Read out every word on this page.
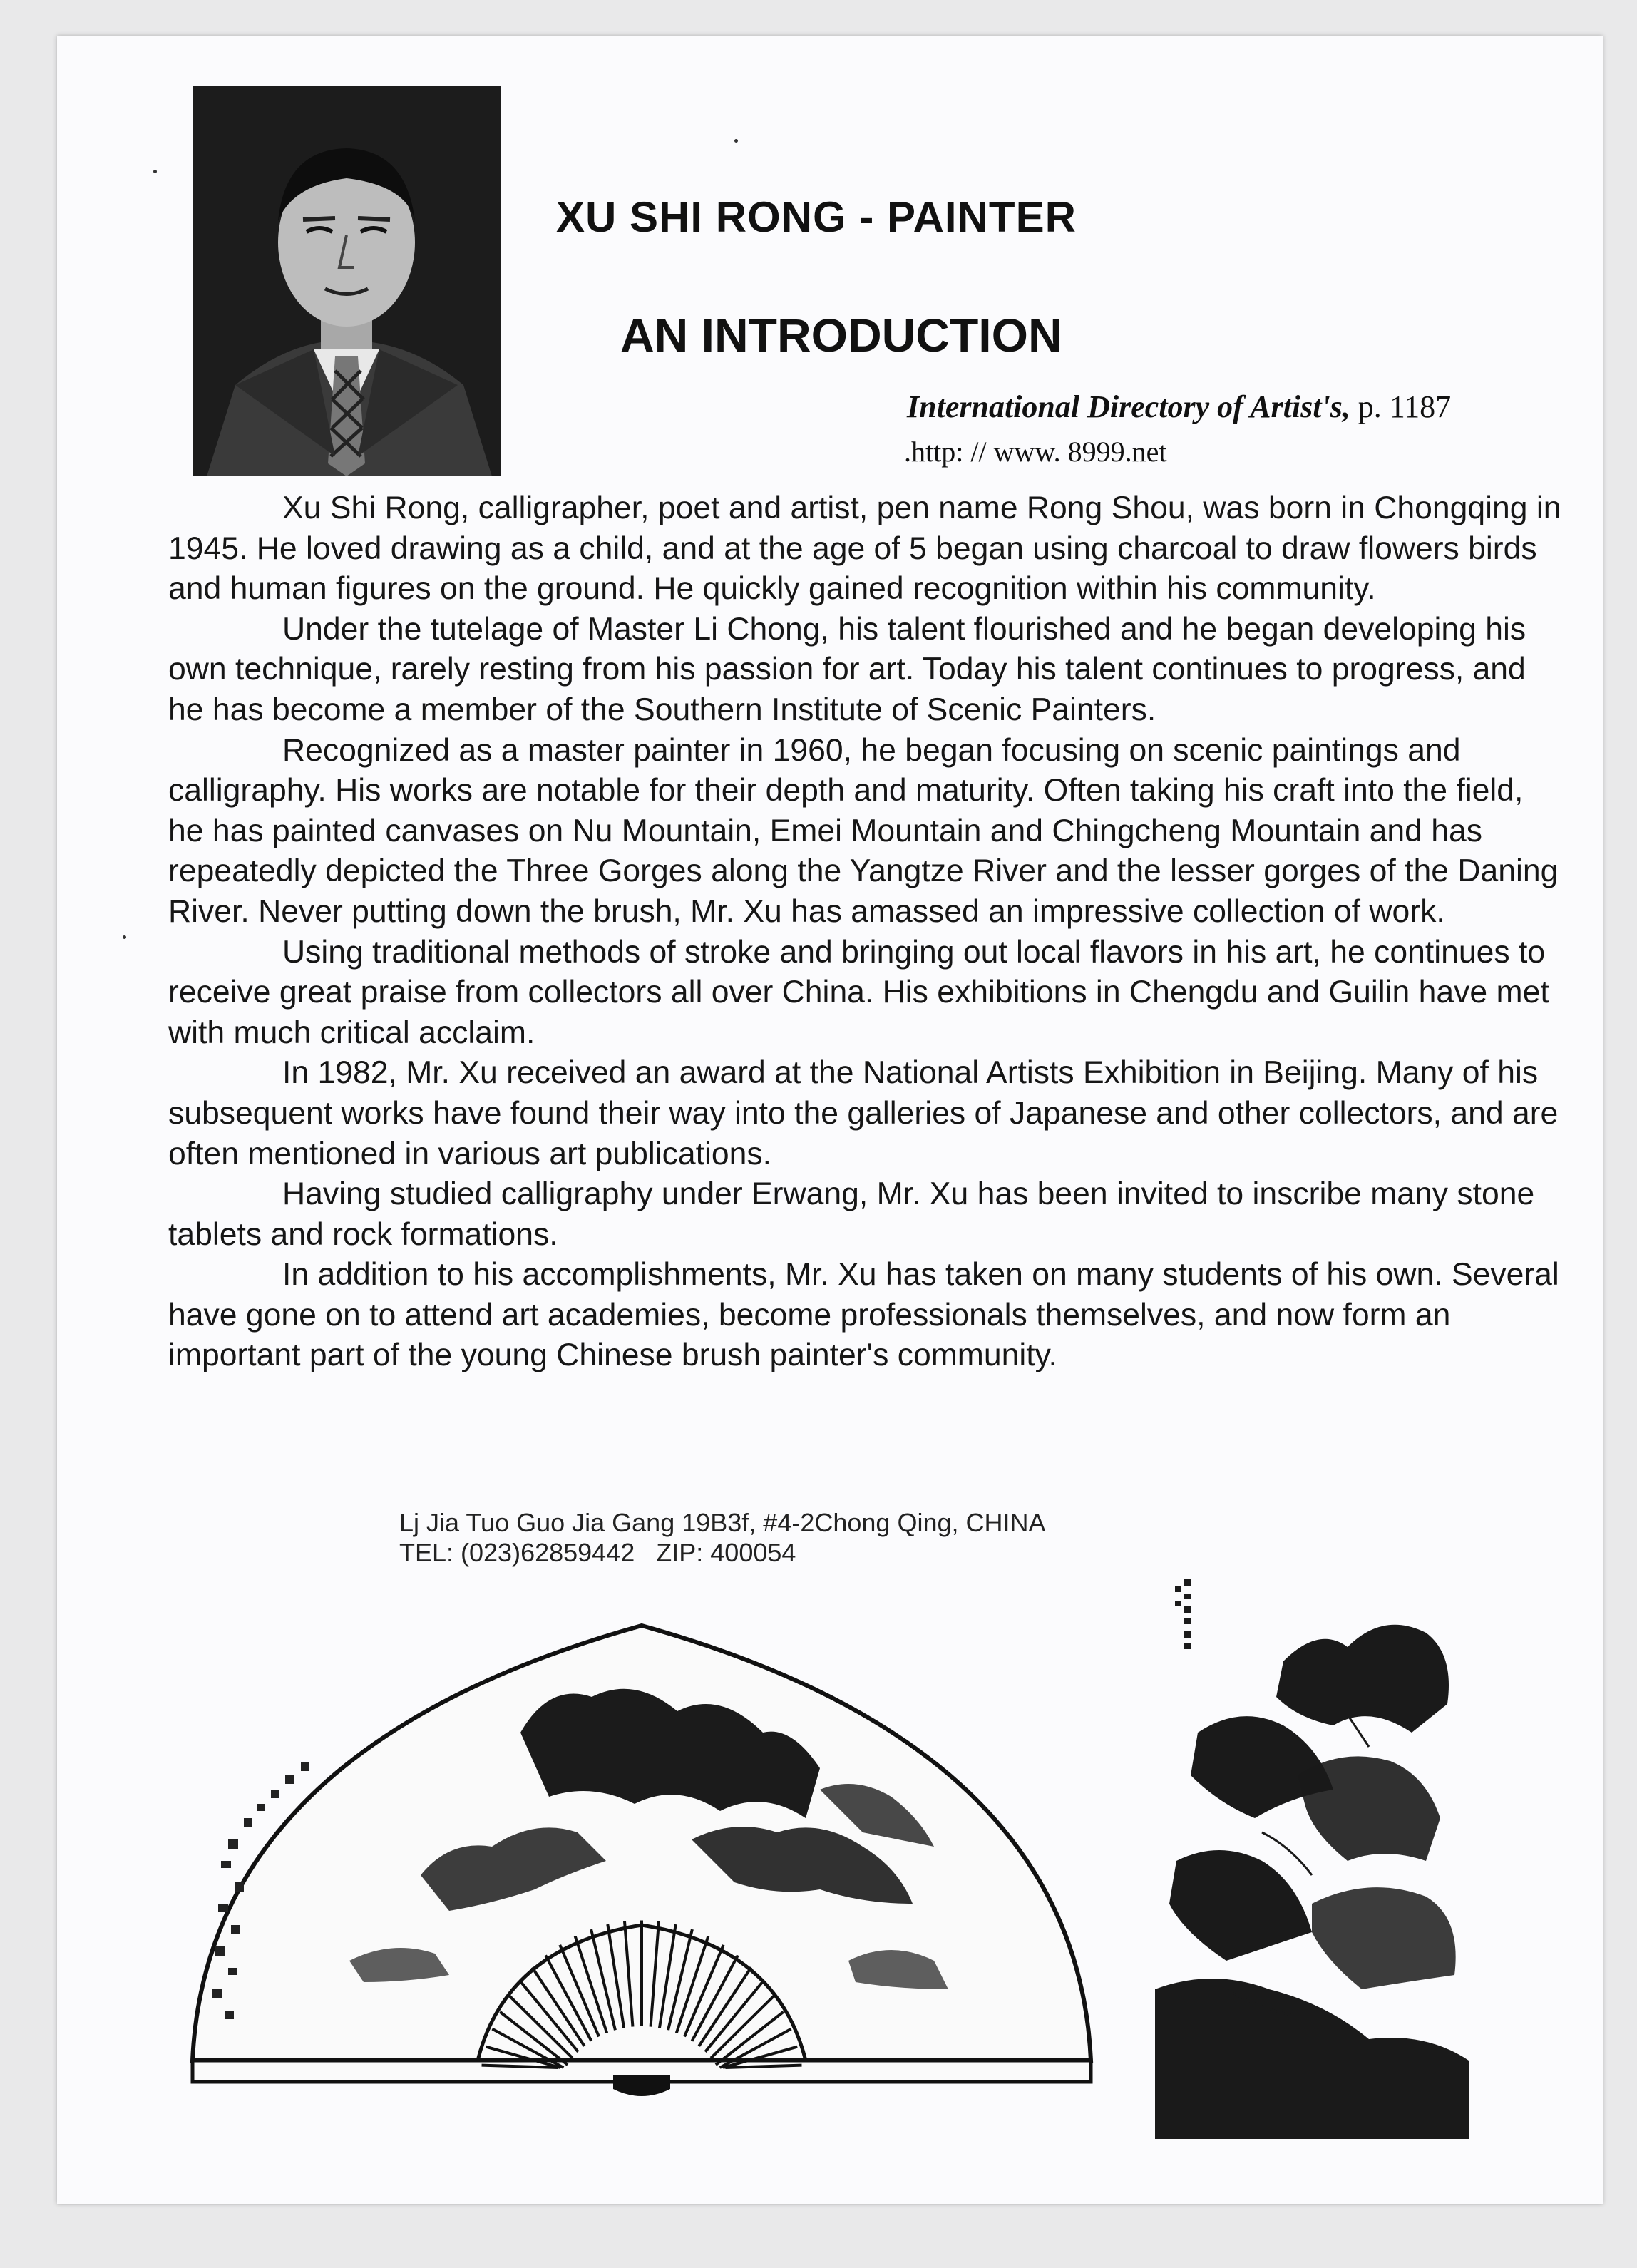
XU SHI RONG - PAINTER
AN INTRODUCTION
International Directory of Artist's, p. 1187
.http: // www. 8999.net

Xu Shi Rong, calligrapher, poet and artist, pen name Rong Shou, was born in Chongqing in 1945. He loved drawing as a child, and at the age of 5 began using charcoal to draw flowers birds and human figures on the ground. He quickly gained recognition within his community.

Under the tutelage of Master Li Chong, his talent flourished and he began developing his own technique, rarely resting from his passion for art. Today his talent continues to progress, and he has become a member of the Southern Institute of Scenic Painters.

Recognized as a master painter in 1960, he began focusing on scenic paintings and calligraphy. His works are notable for their depth and maturity. Often taking his craft into the field, he has painted canvases on Nu Mountain, Emei Mountain and Chingcheng Mountain and has repeatedly depicted the Three Gorges along the Yangtze River and the lesser gorges of the Daning River. Never putting down the brush, Mr. Xu has amassed an impressive collection of work.

Using traditional methods of stroke and bringing out local flavors in his art, he continues to receive great praise from collectors all over China. His exhibitions in Chengdu and Guilin have met with much critical acclaim.

In 1982, Mr. Xu received an award at the National Artists Exhibition in Beijing. Many of his subsequent works have found their way into the galleries of Japanese and other collectors, and are often mentioned in various art publications.

Having studied calligraphy under Erwang, Mr. Xu has been invited to inscribe many stone tablets and rock formations.

In addition to his accomplishments, Mr. Xu has taken on many students of his own. Several have gone on to attend art academies, become professionals themselves, and now form an important part of the young Chinese brush painter's community.

Lj Jia Tuo Guo Jia Gang 19B3f, #4-2Chong Qing, CHINA
TEL: (023)62859442 ZIP: 400054
